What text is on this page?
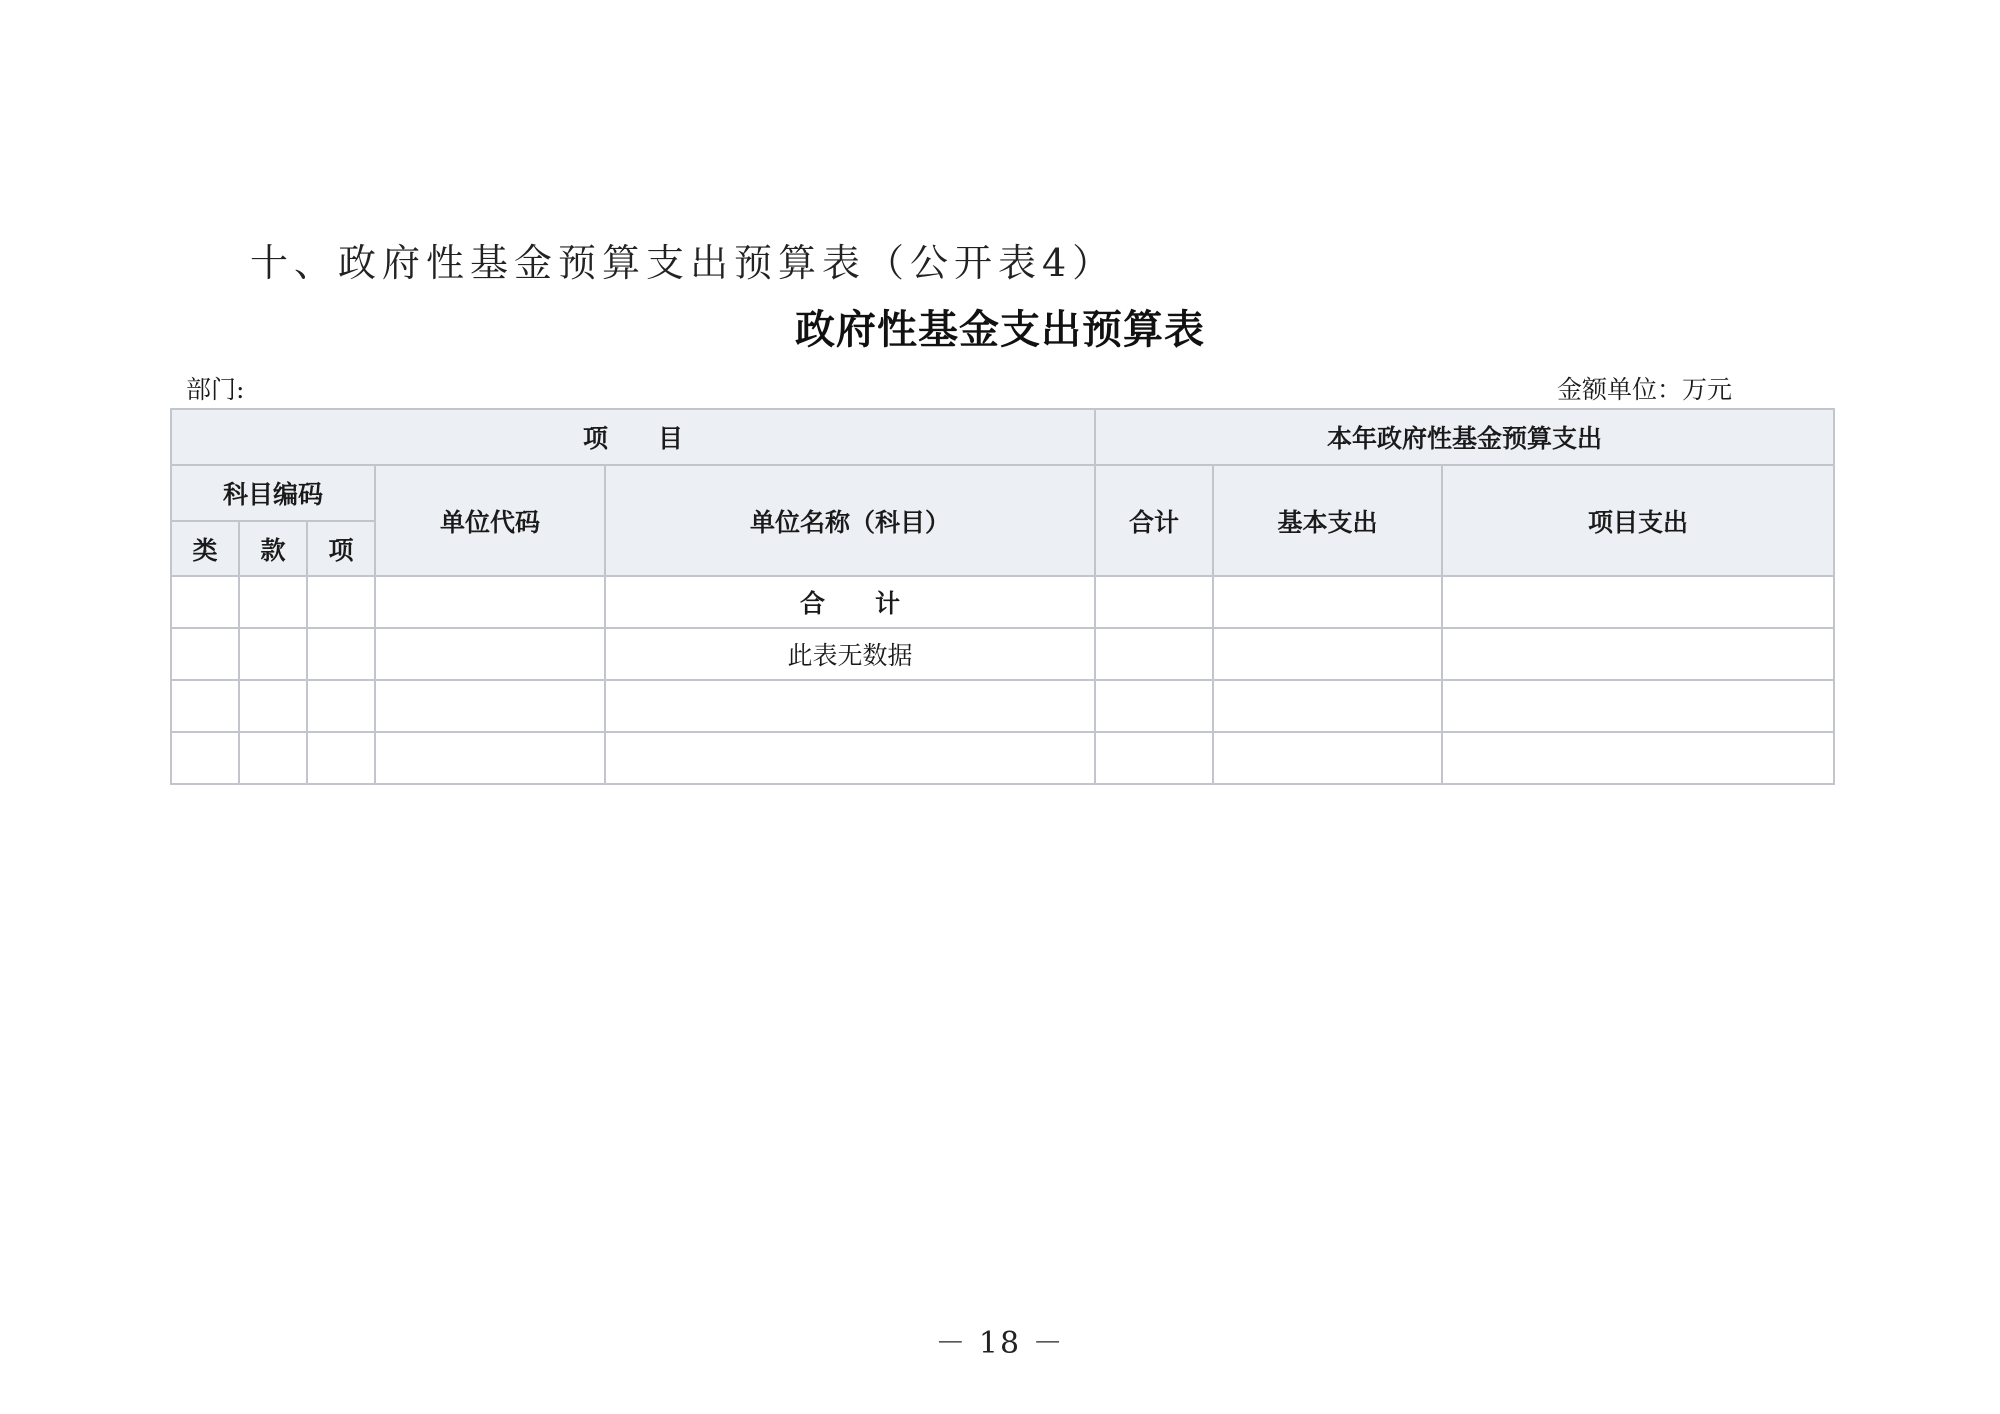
十、政府性基金预算支出预算表（公开表4）
政府性基金支出预算表
部门:	金额单位：万元
项　　目					本年政府性基金预算支出		
科目编码			单位代码	单位名称（科目）	合计	基本支出	项目支出
类	款	项					
				合　　计			
				此表无数据			

－ 18 －
